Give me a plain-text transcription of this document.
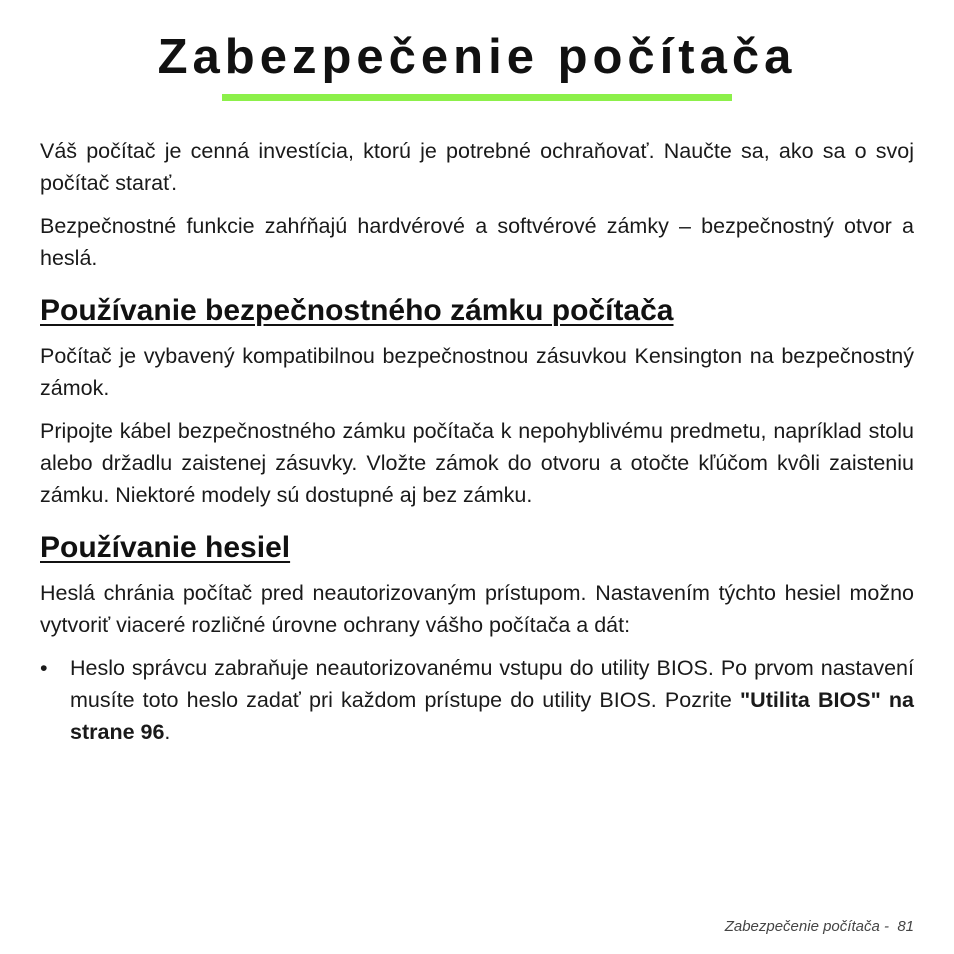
Zabezpečenie počítača

Váš počítač je cenná investícia, ktorú je potrebné ochraňovať. Naučte sa, ako sa o svoj počítač starať.

Bezpečnostné funkcie zahŕňajú hardvérové a softvérové zámky – bezpečnostný otvor a heslá.

Používanie bezpečnostného zámku počítača

Počítač je vybavený kompatibilnou bezpečnostnou zásuvkou Kensington na bezpečnostný zámok.

Pripojte kábel bezpečnostného zámku počítača k nepohyblivému predmetu, napríklad stolu alebo držadlu zaistenej zásuvky. Vložte zámok do otvoru a otočte kľúčom kvôli zaisteniu zámku. Niektoré modely sú dostupné aj bez zámku.

Používanie hesiel

Heslá chránia počítač pred neautorizovaným prístupom. Nastavením týchto hesiel možno vytvoriť viaceré rozličné úrovne ochrany vášho počítača a dát:

• Heslo správcu zabraňuje neautorizovanému vstupu do utility BIOS. Po prvom nastavení musíte toto heslo zadať pri každom prístupe do utility BIOS. Pozrite "Utilita BIOS" na strane 96.
Zabezpečenie počítača - 81
